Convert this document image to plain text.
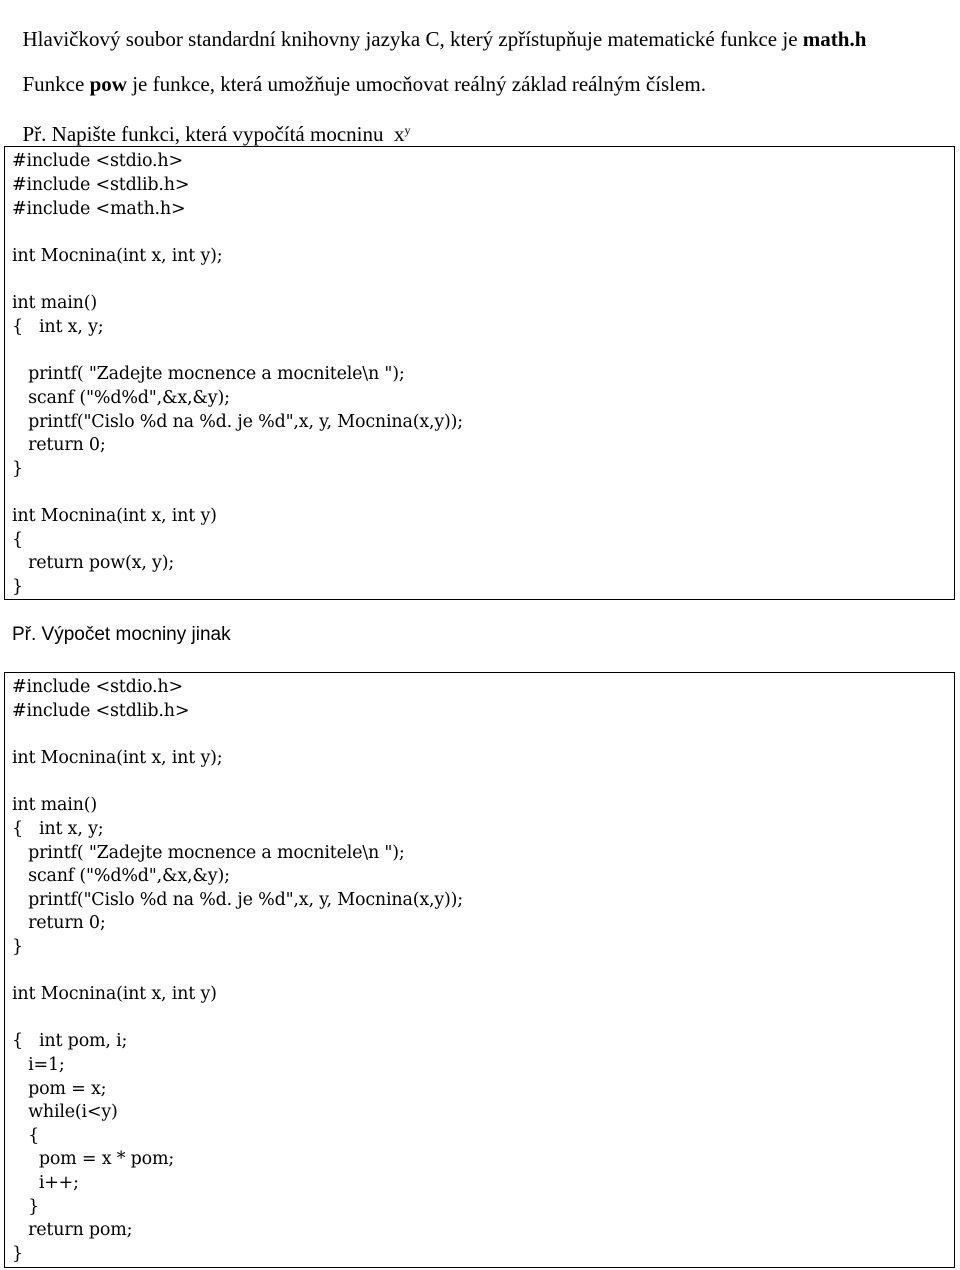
Hlavičkový soubor standardní knihovny jazyka C, který zpřístupňuje matematické funkce je math.h

Funkce pow je funkce, která umožňuje umocňovat reálný základ reálným číslem.

Př. Napište funkci, která vypočítá mocninu  $x^y$

#include <stdio.h>
#include <stdlib.h>
#include <math.h>
int Mocnina(int x, int y);
int main()
{   int x, y;
printf( "Zadejte mocnence a mocnitele\n ");
scanf ("%d%d",&x,&y);
printf("Cislo %d na %d. je %d",x, y, Mocnina(x,y));
return 0;
}
int Mocnina(int x, int y)
{
return pow(x, y);
}
Př. Výpočet mocniny jinak
#include <stdio.h>
#include <stdlib.h>
int Mocnina(int x, int y);
int main()
{   int x, y;
printf( "Zadejte mocnence a mocnitele\n ");
scanf ("%d%d",&x,&y);
printf("Cislo %d na %d. je %d",x, y, Mocnina(x,y));
return 0;
}
int Mocnina(int x, int y)
{   int pom, i;
i=1;
pom = x;
while(i<y)
{
pom = x * pom;
i++;
}
return pom;
}
